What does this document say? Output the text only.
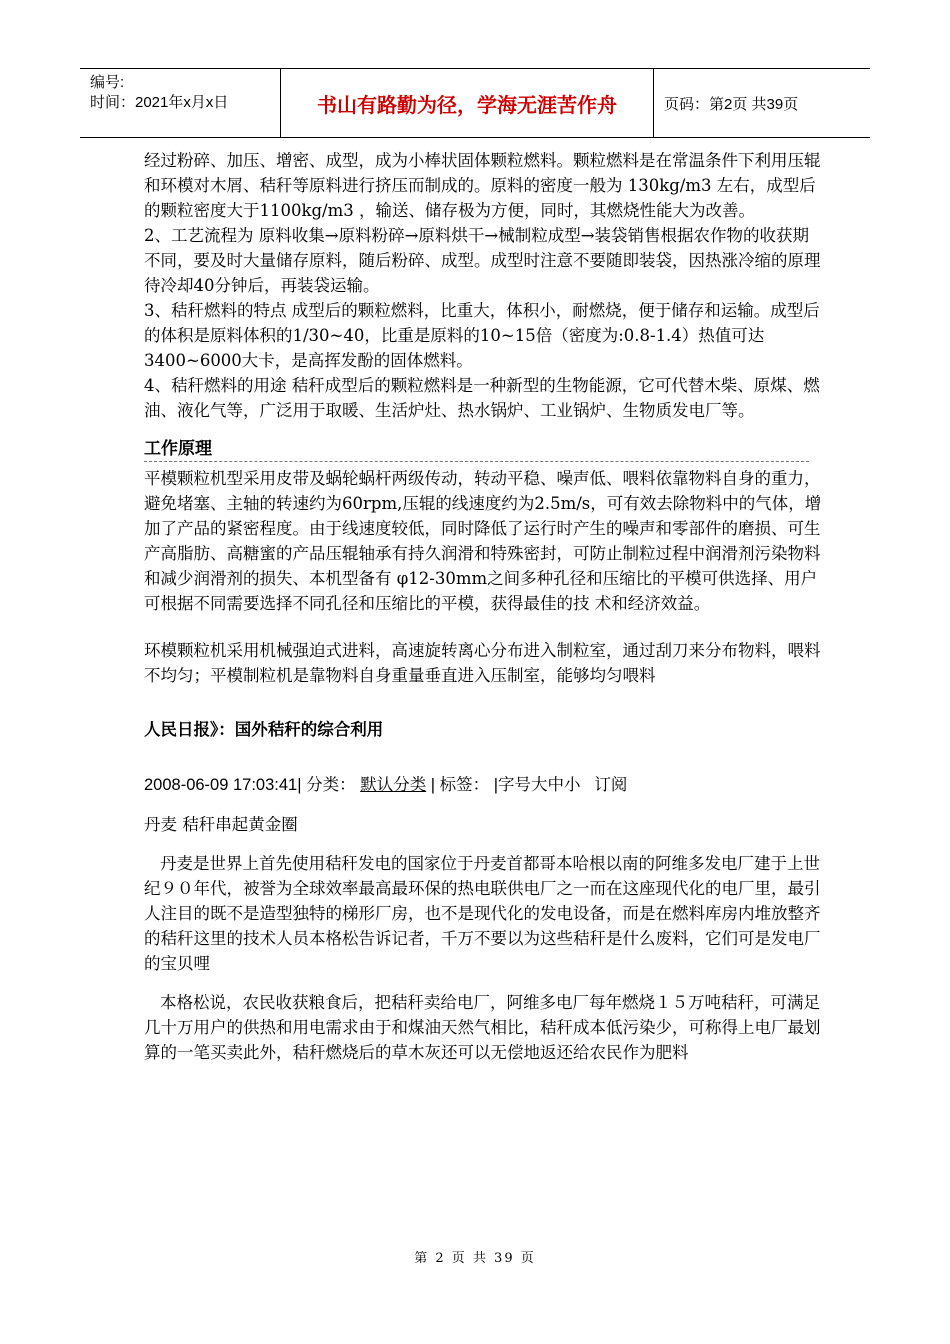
编号:
时间：2021年x月x日	书山有路勤为径，学海无涯苦作舟	页码：第2页 共39页

经过粉碎、加压、增密、成型，成为小棒状固体颗粒燃料。颗粒燃料是在常温条件下利用压辊和环模对木屑、秸秆等原料进行挤压而制成的。原料的密度一般为 130kg/m3 左右，成型后的颗粒密度大于1100kg/m3 ，输送、储存极为方便，同时，其燃烧性能大为改善。

2、工艺流程为 原料收集→原料粉碎→原料烘干→械制粒成型→装袋销售根据农作物的收获期不同，要及时大量储存原料，随后粉碎、成型。成型时注意不要随即装袋，因热涨冷缩的原理待冷却40分钟后，再装袋运输。

3、秸秆燃料的特点 成型后的颗粒燃料，比重大，体积小，耐燃烧，便于储存和运输。成型后的体积是原料体积的1/30~40，比重是原料的10~15倍（密度为:0.8-1.4）热值可达3400~6000大卡，是高挥发酚的固体燃料。

4、秸秆燃料的用途 秸秆成型后的颗粒燃料是一种新型的生物能源，它可代替木柴、原煤、燃油、液化气等，广泛用于取暖、生活炉灶、热水锅炉、工业锅炉、生物质发电厂等。

工作原理

平模颗粒机型采用皮带及蜗轮蜗杆两级传动，转动平稳、噪声低、喂料依靠物料自身的重力，避免堵塞、主轴的转速约为60rpm,压辊的线速度约为2.5m/s，可有效去除物料中的气体，增加了产品的紧密程度。由于线速度较低，同时降低了运行时产生的噪声和零部件的磨损、可生产高脂肪、高糖蜜的产品压辊轴承有持久润滑和特殊密封，可防止制粒过程中润滑剂污染物料和减少润滑剂的损失、本机型备有 φ12-30mm之间多种孔径和压缩比的平模可供选择、用户可根据不同需要选择不同孔径和压缩比的平模，获得最佳的技 术和经济效益。

环模颗粒机采用机械强迫式进料，高速旋转离心分布进入制粒室，通过刮刀来分布物料，喂料不均匀；平模制粒机是靠物料自身重量垂直进入压制室，能够均匀喂料

人民日报》：国外秸秆的综合利用

2008-06-09 17:03:41| 分类： 默认分类 | 标签： |字号大中小 订阅

丹麦 秸秆串起黄金圈

丹麦是世界上首先使用秸秆发电的国家位于丹麦首都哥本哈根以南的阿维多发电厂建于上世纪９０年代，被誉为全球效率最高最环保的热电联供电厂之一而在这座现代化的电厂里，最引人注目的既不是造型独特的梯形厂房，也不是现代化的发电设备，而是在燃料库房内堆放整齐的秸秆这里的技术人员本格松告诉记者，千万不要以为这些秸秆是什么废料，它们可是发电厂的宝贝哩

本格松说，农民收获粮食后，把秸秆卖给电厂，阿维多电厂每年燃烧１５万吨秸秆，可满足几十万用户的供热和用电需求由于和煤油天然气相比，秸秆成本低污染少，可称得上电厂最划算的一笔买卖此外，秸秆燃烧后的草木灰还可以无偿地返还给农民作为肥料

第 2 页 共 39 页
